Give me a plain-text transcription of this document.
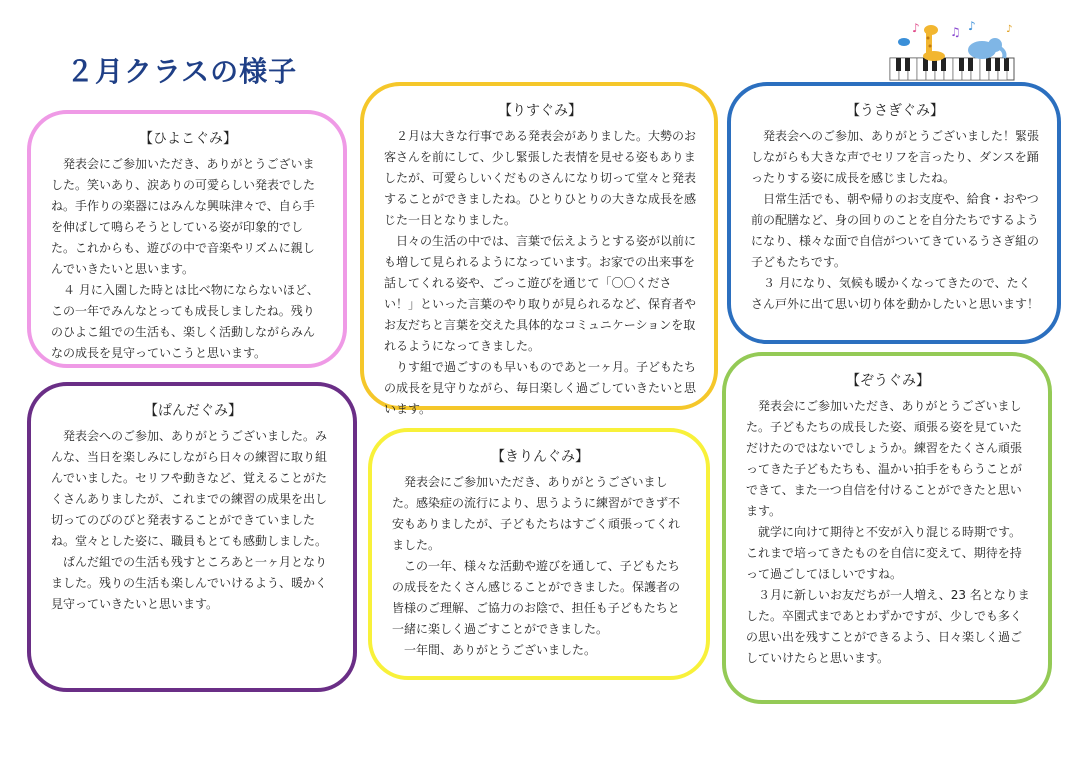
２月クラスの様子
♪	♫ ♪	♪
【ひよこぐみ】

発表会にご参加いただき、ありがとうございました。笑いあり、涙ありの可愛らしい発表でしたね。手作りの楽器にはみんな興味津々で、自ら手を伸ばして鳴らそうとしている姿が印象的でした。これからも、遊びの中で音楽やリズムに親しんでいきたいと思います。

４ 月に入園した時とは比べ物にならないほど、この一年でみんなとっても成長しましたね。残りのひよこ組での生活も、楽しく活動しながらみんなの成長を見守っていこうと思います。

【りすぐみ】

２月は大きな行事である発表会がありました。大勢のお客さんを前にして、少し緊張した表情を見せる姿もありましたが、可愛らしいくだものさんになり切って堂々と発表することができましたね。ひとりひとりの大きな成長を感じた一日となりました。

日々の生活の中では、言葉で伝えようとする姿が以前にも増して見られるようになっています。お家での出来事を話してくれる姿や、ごっこ遊びを通じて「〇〇ください！」といった言葉のやり取りが見られるなど、保育者やお友だちと言葉を交えた具体的なコミュニケーションを取れるようになってきました。

りす組で過ごすのも早いものであと一ヶ月。子どもたちの成長を見守りながら、毎日楽しく過ごしていきたいと思います。

【うさぎぐみ】

発表会へのご参加、ありがとうございました！緊張しながらも大きな声でセリフを言ったり、ダンスを踊ったりする姿に成長を感じましたね。

日常生活でも、朝や帰りのお支度や、給食・おやつ前の配膳など、身の回りのことを自分たちでするようになり、様々な面で自信がついてきているうさぎ組の子どもたちです。

３ 月になり、気候も暖かくなってきたので、たくさん戸外に出て思い切り体を動かしたいと思います！

【ぱんだぐみ】

発表会へのご参加、ありがとうございました。みんな、当日を楽しみにしながら日々の練習に取り組んでいました。セリフや動きなど、覚えることがたくさんありましたが、これまでの練習の成果を出し切ってのびのびと発表することができていましたね。堂々とした姿に、職員もとても感動しました。

ぱんだ組での生活も残すところあと一ヶ月となりました。残りの生活も楽しんでいけるよう、暖かく見守っていきたいと思います。

【きりんぐみ】

発表会にご参加いただき、ありがとうございました。感染症の流行により、思うように練習ができず不安もありましたが、子どもたちはすごく頑張ってくれました。

この一年、様々な活動や遊びを通して、子どもたちの成長をたくさん感じることができました。保護者の皆様のご理解、ご協力のお陰で、担任も子どもたちと一緒に楽しく過ごすことができました。

一年間、ありがとうございました。

【ぞうぐみ】

発表会にご参加いただき、ありがとうございました。子どもたちの成長した姿、頑張る姿を見ていただけたのではないでしょうか。練習をたくさん頑張ってきた子どもたちも、温かい拍手をもらうことができて、また一つ自信を付けることができたと思います。

就学に向けて期待と不安が入り混じる時期です。これまで培ってきたものを自信に変えて、期待を持って過ごしてほしいですね。

３月に新しいお友だちが一人増え、23 名となりました。卒園式まであとわずかですが、少しでも多くの思い出を残すことができるよう、日々楽しく過ごしていけたらと思います。
